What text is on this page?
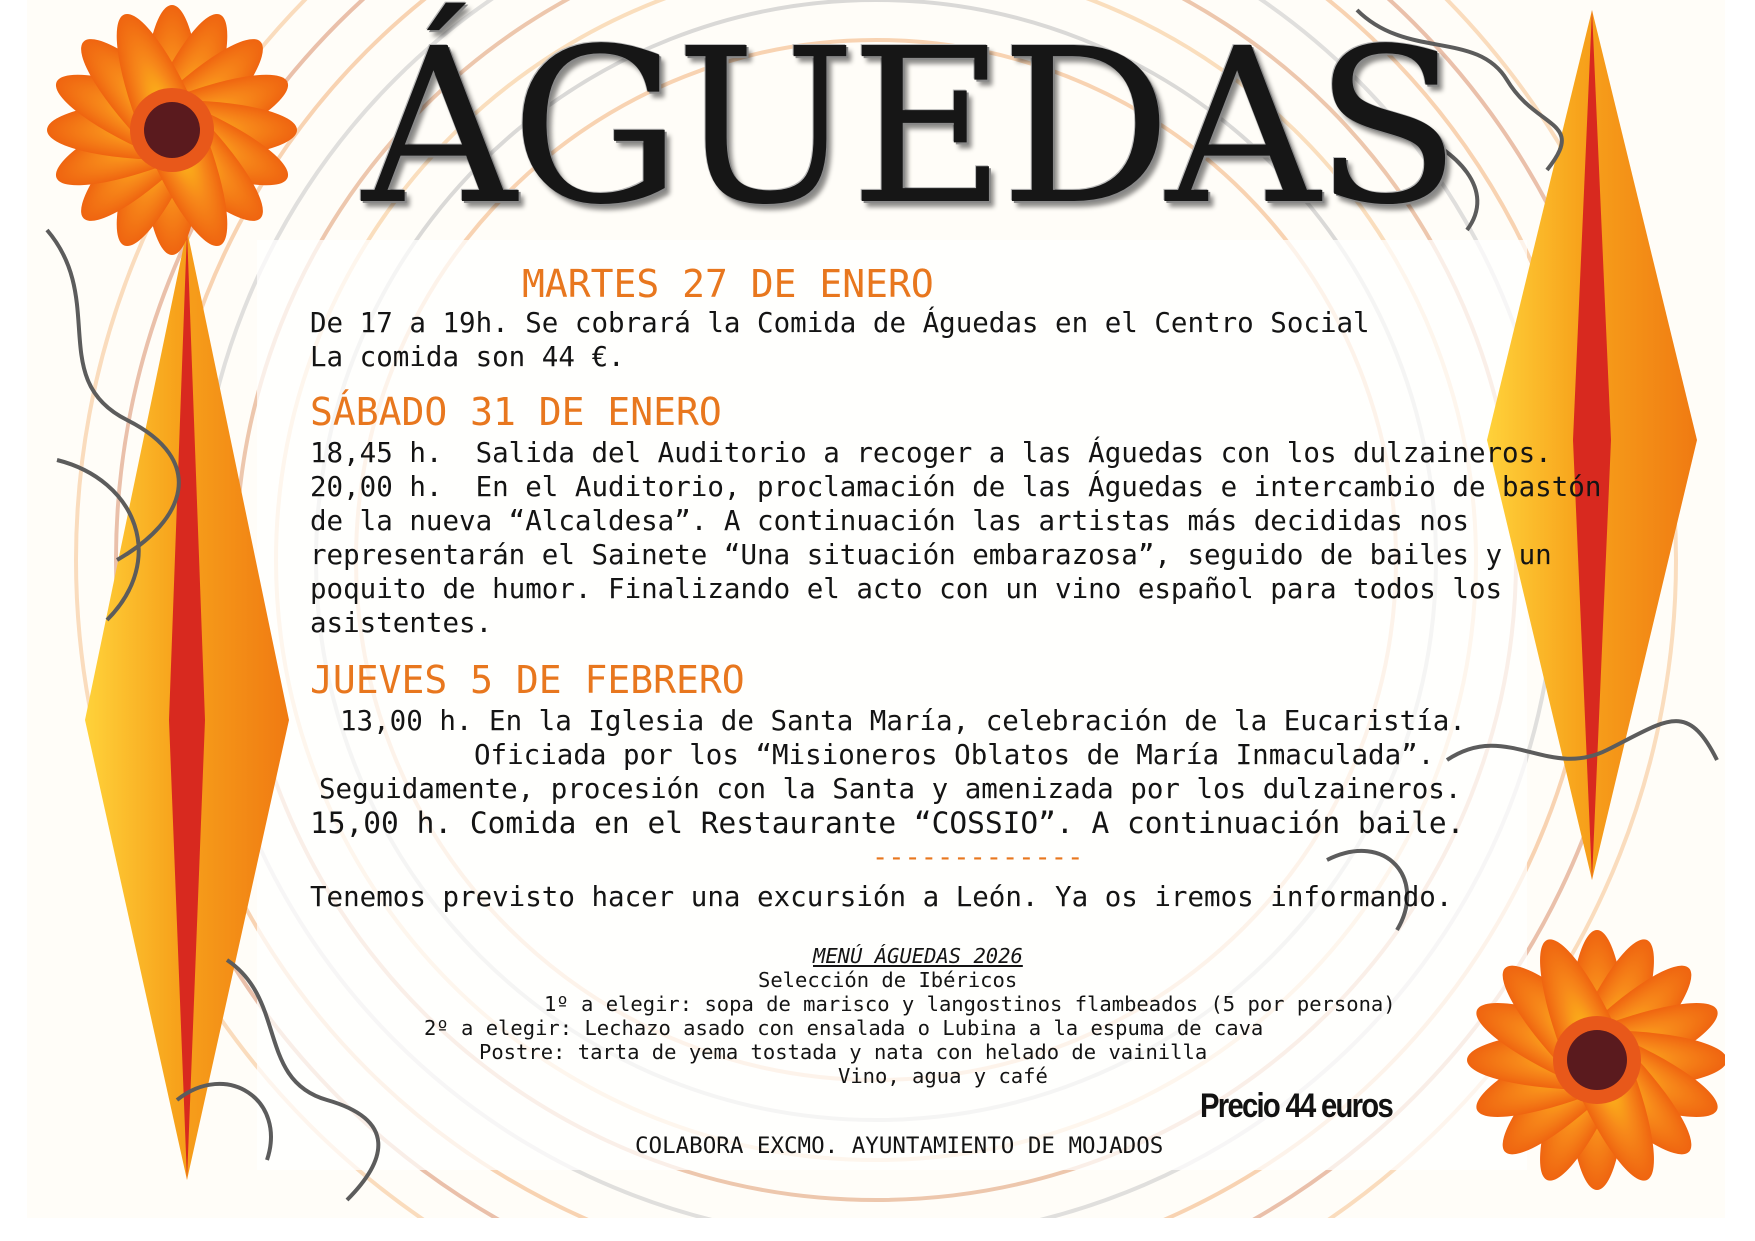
ÁGUEDAS
MARTES 27 DE ENERO
De 17 a 19h. Se cobrará la Comida de Águedas en el Centro Social
La comida son 44 €.
SÁBADO 31 DE ENERO
18,45 h.  Salida del Auditorio a recoger a las Águedas con los dulzaineros.
20,00 h.  En el Auditorio, proclamación de las Águedas e intercambio de bastón
de la nueva “Alcaldesa”. A continuación las artistas más decididas nos
representarán el Sainete “Una situación embarazosa”, seguido de bailes y un
poquito de humor. Finalizando el acto con un vino español para todos los
asistentes.
JUEVES 5 DE FEBRERO
13,00 h. En la Iglesia de Santa María, celebración de la Eucaristía.
Oficiada por los “Misioneros Oblatos de María Inmaculada”.
Seguidamente, procesión con la Santa y amenizada por los dulzaineros.
15,00 h. Comida en el Restaurante “COSSIO”. A continuación baile.
-------------
Tenemos previsto hacer una excursión a León. Ya os iremos informando.
MENÚ ÁGUEDAS 2026
Selección de Ibéricos
1º a elegir: sopa de marisco y langostinos flambeados (5 por persona)
2º a elegir: Lechazo asado con ensalada o Lubina a la espuma de cava
Postre: tarta de yema tostada y nata con helado de vainilla
Vino, agua y café
Precio 44 euros
COLABORA EXCMO. AYUNTAMIENTO DE MOJADOS
